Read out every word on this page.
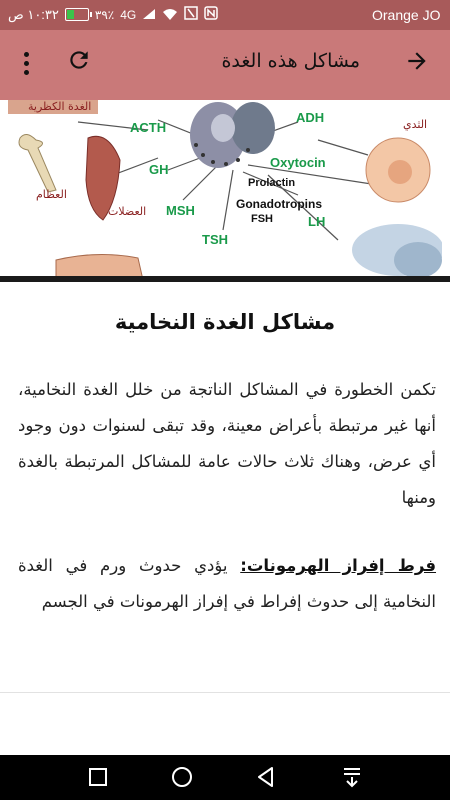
١٠:٣٢ ص	٣٩٪ 4G	Orange JO
مشاكل هذه الغدة
ACTH
ADH
GH	Oxytocin
Prolactin
Gonadotropins
FSH	LH
MSH
TSH
الغدة الكظرية
الثدي
العضلات
العظام
مشاكل الغدة النخامية

تكمن الخطورة في المشاكل الناتجة من خلل الغدة النخامية، أنها غير مرتبطة بأعراض معينة، وقد تبقى لسنوات دون وجود أي عرض، وهناك ثلاث حالات عامة للمشاكل المرتبطة بالغدة ومنها

فرط إفراز الهرمونات: يؤدي حدوث ورم في الغدة النخامية إلى حدوث إفراط في إفراز الهرمونات في الجسم
